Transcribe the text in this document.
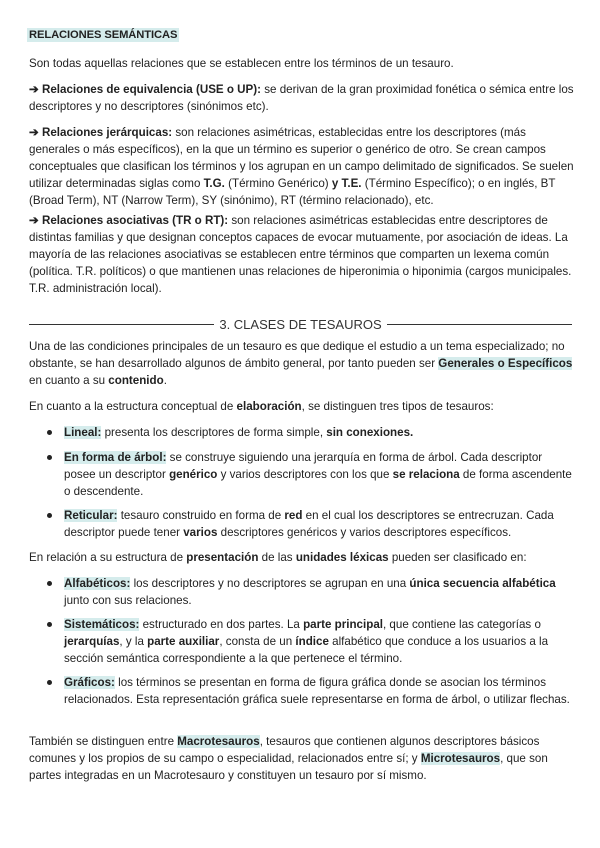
RELACIONES SEMÁNTICAS

Son todas aquellas relaciones que se establecen entre los términos de un tesauro.

➔ Relaciones de equivalencia (USE o UP): se derivan de la gran proximidad fonética o sémica entre los descriptores y no descriptores (sinónimos etc).

➔ Relaciones jerárquicas: son relaciones asimétricas, establecidas entre los descriptores (más generales o más específicos), en la que un término es superior o genérico de otro. Se crean campos conceptuales que clasifican los términos y los agrupan en un campo delimitado de significados. Se suelen utilizar determinadas siglas como T.G. (Término Genérico) y T.E. (Término Específico); o en inglés, BT (Broad Term), NT (Narrow Term), SY (sinónimo), RT (término relacionado), etc.

➔ Relaciones asociativas (TR o RT): son relaciones asimétricas establecidas entre descriptores de distintas familias y que designan conceptos capaces de evocar mutuamente, por asociación de ideas. La mayoría de las relaciones asociativas se establecen entre términos que comparten un lexema común (política. T.R. políticos) o que mantienen unas relaciones de hiperonimia o hiponimia (cargos municipales. T.R. administración local).

3. CLASES DE TESAUROS

Una de las condiciones principales de un tesauro es que dedique el estudio a un tema especializado; no obstante, se han desarrollado algunos de ámbito general, por tanto pueden ser Generales o Específicos en cuanto a su contenido.

En cuanto a la estructura conceptual de elaboración, se distinguen tres tipos de tesauros:

Lineal: presenta los descriptores de forma simple, sin conexiones.

En forma de árbol: se construye siguiendo una jerarquía en forma de árbol. Cada descriptor posee un descriptor genérico y varios descriptores con los que se relaciona de forma ascendente o descendente.

Reticular: tesauro construido en forma de red en el cual los descriptores se entrecruzan. Cada descriptor puede tener varios descriptores genéricos y varios descriptores específicos.

En relación a su estructura de presentación de las unidades léxicas pueden ser clasificado en:

Alfabéticos: los descriptores y no descriptores se agrupan en una única secuencia alfabética junto con sus relaciones.

Sistemáticos: estructurado en dos partes. La parte principal, que contiene las categorías o jerarquías, y la parte auxiliar, consta de un índice alfabético que conduce a los usuarios a la sección semántica correspondiente a la que pertenece el término.

Gráficos: los términos se presentan en forma de figura gráfica donde se asocian los términos relacionados. Esta representación gráfica suele representarse en forma de árbol, o utilizar flechas.

También se distinguen entre Macrotesauros, tesauros que contienen algunos descriptores básicos comunes y los propios de su campo o especialidad, relacionados entre sí; y Microtesauros, que son partes integradas en un Macrotesauro y constituyen un tesauro por sí mismo.
